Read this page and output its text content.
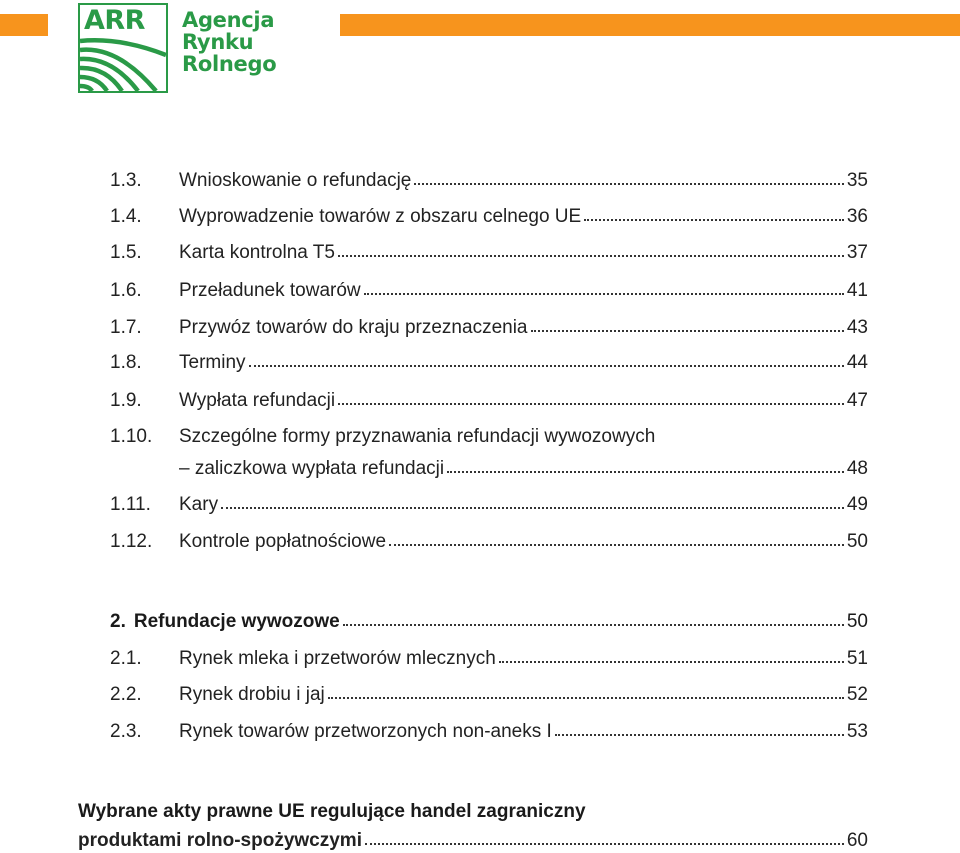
ARR Agencja
Rynku
Rolnego
1.3.	Wnioskowanie o refundację	35
1.4.	Wyprowadzenie towarów z obszaru celnego UE	36
1.5.	Karta kontrolna T5	37
1.6.	Przeładunek towarów	41
1.7.	Przywóz towarów do kraju przeznaczenia	43
1.8.	Terminy	44
1.9.	Wypłata refundacji	47
1.10.	Szczególne formy przyznawania refundacji wywozowych
– zaliczkowa wypłata refundacji	48
1.11.	Kary	49
1.12.	Kontrole popłatnościowe	50
2. Refundacje wywozowe	50
2.1.	Rynek mleka i przetworów mlecznych	51
2.2.	Rynek drobiu i jaj	52
2.3.	Rynek towarów przetworzonych non-aneks I	53
Wybrane akty prawne UE regulujące handel zagraniczny
produktami rolno-spożywczymi	60
